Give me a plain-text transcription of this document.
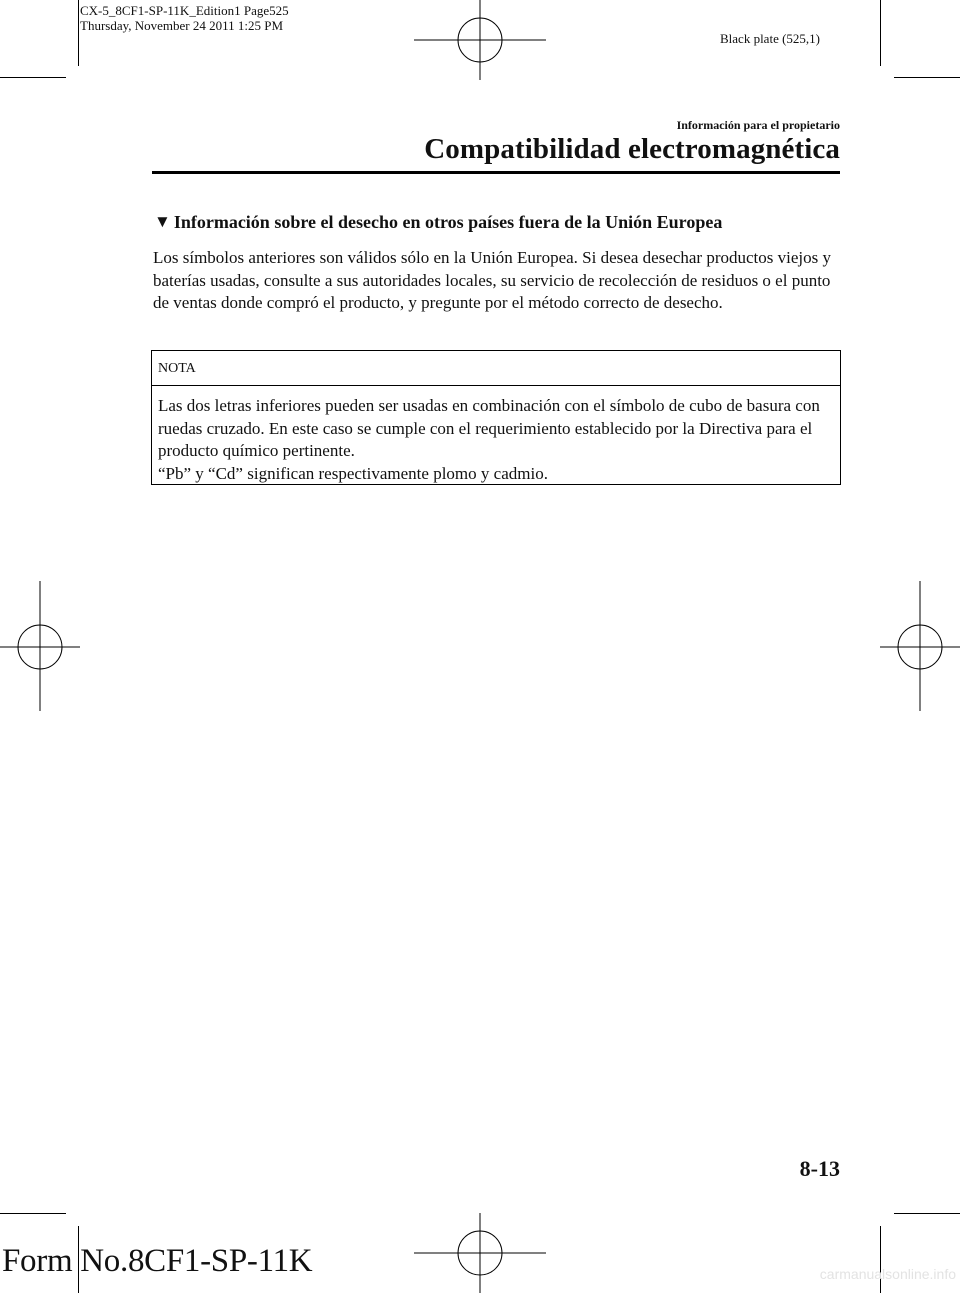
CX-5_8CF1-SP-11K_Edition1 Page525
Thursday, November 24 2011 1:25 PM
Black plate (525,1)
Información para el propietario
Compatibilidad electromagnética
▼ Información sobre el desecho en otros países fuera de la Unión Europea
Los símbolos anteriores son válidos sólo en la Unión Europea. Si desea desechar productos viejos y baterías usadas, consulte a sus autoridades locales, su servicio de recolección de residuos o el punto de ventas donde compró el producto, y pregunte por el método correcto de desecho.
NOTA
Las dos letras inferiores pueden ser usadas en combinación con el símbolo de cubo de basura con ruedas cruzado. En este caso se cumple con el requerimiento establecido por la Directiva para el producto químico pertinente.
“Pb” y “Cd” significan respectivamente plomo y cadmio.
8-13
Form No.8CF1-SP-11K	carmanualsonline.info
